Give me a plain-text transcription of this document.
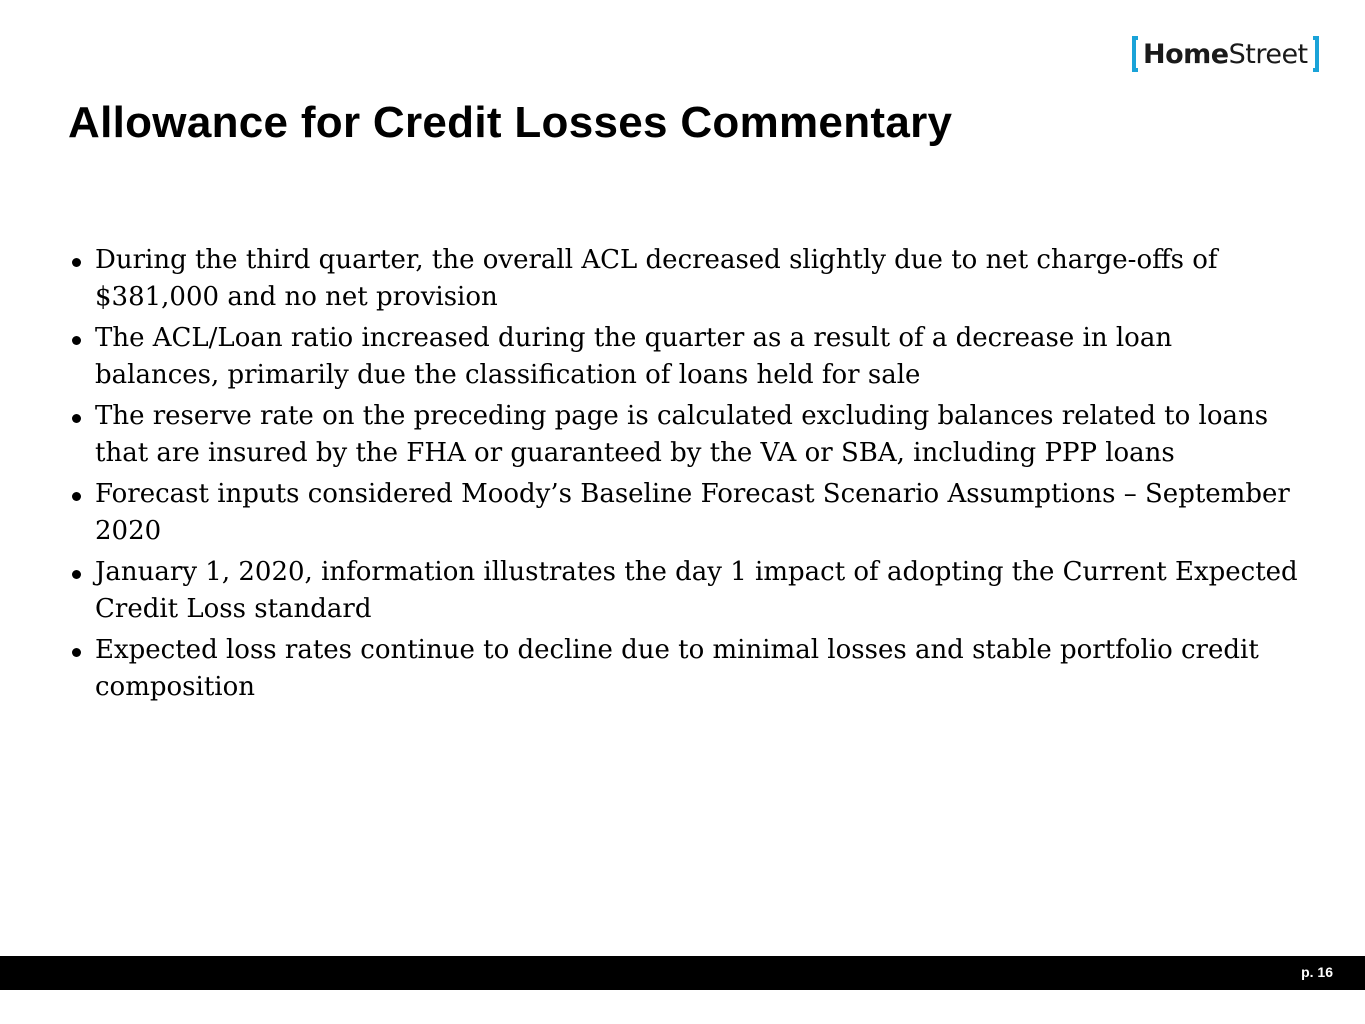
Home Street
Allowance for Credit Losses Commentary
During the third quarter, the overall ACL decreased slightly due to net charge-offs of $381,000 and no net provision
The ACL/Loan ratio increased during the quarter as a result of a decrease in loan balances, primarily due the classification of loans held for sale
The reserve rate on the preceding page is calculated excluding balances related to loans that are insured by the FHA or guaranteed by the VA or SBA, including PPP loans
Forecast inputs considered Moody’s Baseline Forecast Scenario Assumptions – September 2020
January 1, 2020, information illustrates the day 1 impact of adopting the Current Expected Credit Loss standard
Expected loss rates continue to decline due to minimal losses and stable portfolio credit composition
p. 16
